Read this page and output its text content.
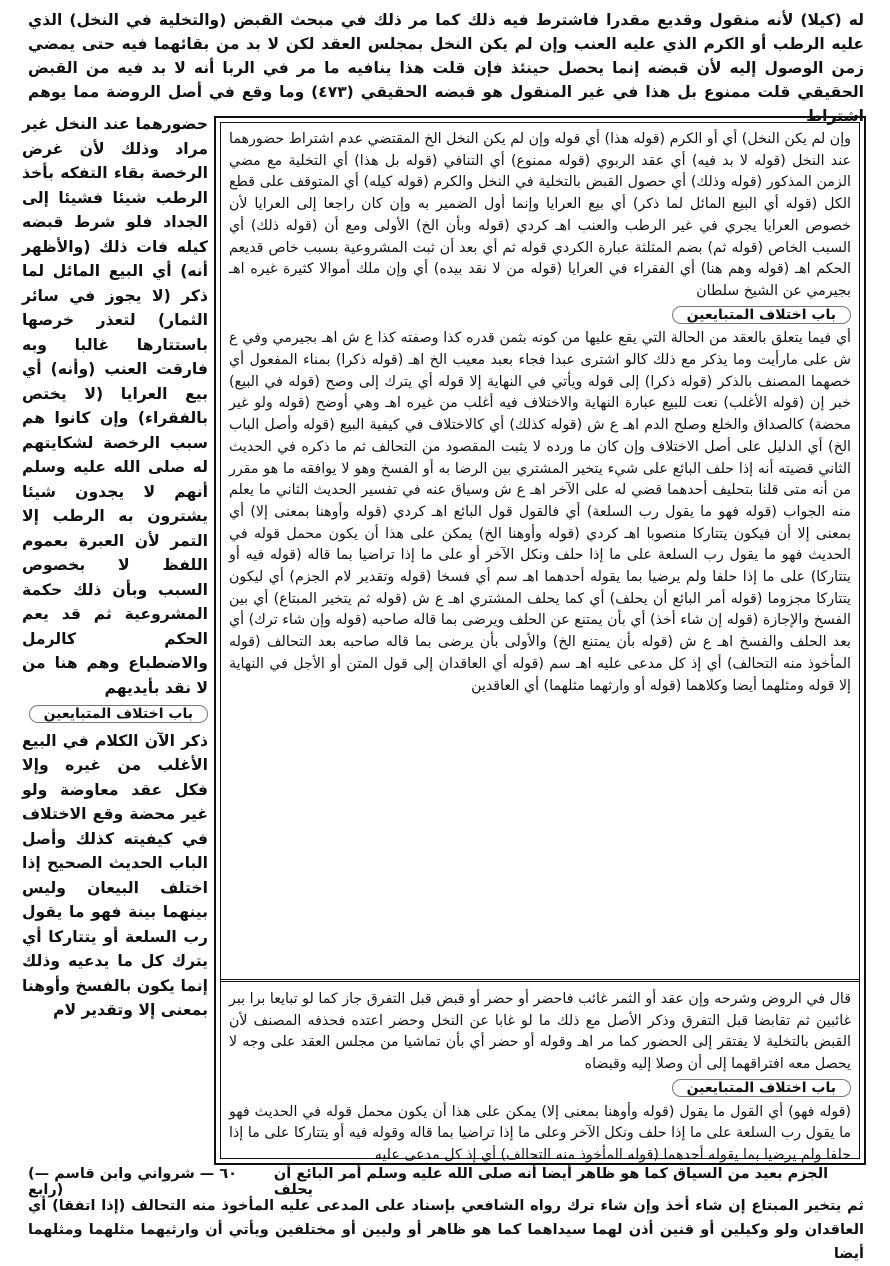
له (كيلا) لأنه منقول وقديع مقدرا فاشترط فيه ذلك كما مر ذلك في مبحث القبض (والتخلية في النخل) الذي عليه الرطب أو الكرم الذي عليه العنب وإن لم يكن النخل بمجلس العقد لكن لا بد من بقائهما فيه حتى يمضي زمن الوصول إليه لأن قبضه إنما يحصل حينئذ فإن قلت هذا ينافيه ما مر في الربا أنه لا بد فيه من القبض الحقيقي قلت ممنوع بل هذا في غير المنقول هو قبضه الحقيقي (٤٧٣) وما وقع في أصل الروضة مما يوهم اشتراط

حضورهما عند النخل غير مراد وذلك لأن غرض الرخصة بقاء التفكه بأخذ الرطب شيئا فشيئا إلى الجداد فلو شرط قبضه كيله فات ذلك (والأظهر أنه) أي البيع المائل لما ذكر (لا يجوز في سائر الثمار) لتعذر خرصها باستتارها غالبا وبه فارقت العنب (وأنه) أي بيع العرايا (لا يختص بالفقراء) وإن كانوا هم سبب الرخصة لشكايتهم له صلى الله عليه وسلم أنهم لا يجدون شيئا يشترون به الرطب إلا التمر لأن العبرة بعموم اللفظ لا بخصوص السبب وبأن ذلك حكمة المشروعية ثم قد يعم الحكم كالرمل والاضطباع وهم هنا من لا نقد بأيديهم

باب اختلاف المتبايعين

ذكر الآن الكلام في البيع الأغلب من غيره وإلا فكل عقد معاوضة ولو غير محضة وقع الاختلاف في كيفيته كذلك وأصل الباب الحديث الصحيح إذا اختلف البيعان وليس بينهما بينة فهو ما يقول رب السلعة أو يتتاركا أي يترك كل ما يدعيه وذلك إنما يكون بالفسخ وأوهنا بمعنى إلا وتقدير لام

وإن لم يكن النخل) أي أو الكرم (قوله هذا) أي قوله وإن لم يكن النخل الخ المقتضي عدم اشتراط حضورهما عند النخل (قوله لا بد فيه) أي عقد الربوي (قوله ممنوع) أي التنافي (قوله بل هذا) أي التخلية مع مضي الزمن المذكور (قوله وذلك) أي حصول القبض بالتخلية في النخل والكرم (قوله كيله) أي المتوقف على قطع الكل (قوله أي البيع المائل لما ذكر) أي بيع العرايا وإنما أول الضمير به وإن كان راجعا إلى العرايا لأن خصوص العرايا يجري في غير الرطب والعنب اهـ كردي (قوله وبأن الخ) الأولى ومع أن (قوله ذلك) أي السبب الخاص (قوله ثم) بضم المثلثة عبارة الكردي قوله ثم أي بعد أن ثبت المشروعية بسبب خاص قديعم الحكم اهـ (قوله وهم هنا) أي الفقراء في العرايا (قوله من لا نقد بيده) أي وإن ملك أموالا كثيرة غيره اهـ بجيرمي عن الشيخ سلطان

باب اختلاف المتبايعين

أي فيما يتعلق بالعقد من الحالة التي يقع عليها من كونه بثمن قدره كذا وصفته كذا ع ش اهـ بجيرمي وفي ع ش على مارأيت وما يذكر مع ذلك كالو اشترى عبدا فجاء بعبد معيب الخ اهـ (قوله ذكرا) بمناء المفعول أي خصهما المصنف بالذكر (قوله ذكرا) إلى قوله ويأتي في النهاية إلا قوله أي يترك إلى وصح (قوله في البيع) خبر إن (قوله الأغلب) نعت للبيع عبارة النهاية والاختلاف فيه أغلب من غيره اهـ وهي أوضح (قوله ولو غير محضة) كالصداق والخلع وصلح الدم اهـ ع ش (قوله كذلك) أي كالاختلاف في كيفية البيع (قوله وأصل الباب الخ) أي الدليل على أصل الاختلاف وإن كان ما ورده لا يثبت المقصود من التحالف ثم ما ذكره في الحديث الثاني قضيته أنه إذا حلف البائع على شيء يتخير المشتري بين الرضا به أو الفسخ وهو لا يوافقه ما هو مقرر من أنه متى قلنا بتحليف أحدهما قضي له على الآخر اهـ ع ش وسياق عنه في تفسير الحديث الثاني ما يعلم منه الجواب (قوله فهو ما يقول رب السلعة) أي فالقول قول البائع اهـ كردي (قوله وأوهنا بمعنى إلا) أي بمعنى إلا أن فيكون يتتاركا منصوبا اهـ كردي (قوله وأوهنا الخ) يمكن على هذا أن يكون محمل قوله في الحديث فهو ما يقول رب السلعة على ما إذا حلف ونكل الآخر أو على ما إذا تراضيا بما قاله (قوله فيه أو يتتاركا) على ما إذا حلفا ولم يرضيا بما يقوله أحدهما اهـ سم أي فسخا (قوله وتقدير لام الجزم) أي ليكون يتتاركا مجزوما (قوله أمر البائع أن يحلف) أي كما يحلف المشتري اهـ ع ش (قوله ثم يتخير المبتاع) أي بين الفسخ والإجازة (قوله إن شاء أخذ) أي بأن يمتنع عن الحلف ويرضى بما قاله صاحبه (قوله وإن شاء ترك) أي بعد الحلف والفسخ اهـ ع ش (قوله بأن يمتنع الخ) والأولى بأن يرضى بما قاله صاحبه بعد التحالف (قوله المأخوذ منه التحالف) أي إذ كل مدعى عليه اهـ سم (قوله أي العاقدان إلى قول المتن أو الأجل في النهاية إلا قوله ومثلهما أيضا وكلاهما (قوله أو وارثهما مثلهما) أي العاقدين

قال في الروض وشرحه وإن عقد أو الثمر غائب فاحضر أو حضر أو قبض قبل التفرق جاز كما لو تبايعا برا ببر غائبين ثم تقابضا قبل التفرق وذكر الأصل مع ذلك ما لو غابا عن النخل وحضر اعتده فحذفه المصنف لأن القبض بالتخلية لا يفتقر إلى الحضور كما مر اهـ وقوله أو حضر أي بأن تماشيا من مجلس العقد على وجه لا يحصل معه افتراقهما إلى أن وصلا إليه وقبضاه

باب اختلاف المتبايعين

(قوله فهو) أي القول ما يقول (قوله وأوهنا بمعنى إلا) يمكن على هذا أن يكون محمل قوله في الحديث فهو ما يقول رب السلعة على ما إذا حلف ونكل الآخر وعلى ما إذا تراضيا بما قاله وقوله فيه أو يتتاركا على ما إذا حلفا ولم يرضيا بما يقوله أحدهما (قوله المأخوذ منه التحالف) أي إذ كل مدعى عليه

الجزم بعيد من السياق كما هو ظاهر أيضا أنه صلى الله عليه وسلم أمر البائع أن يحلف
(٦٠ — شرواني وابن قاسم — رابع)
ثم يتخير المبتاع إن شاء أخذ وإن شاء ترك رواه الشافعي بإسناد على المدعى عليه المأخوذ منه التحالف (إذا اتفقا) أي العاقدان ولو وكيلين أو قنين أذن لهما سيداهما كما هو ظاهر أو وليين أو مختلفين ويأتي أن وارثيهما مثلهما ومثلهما أيضا
